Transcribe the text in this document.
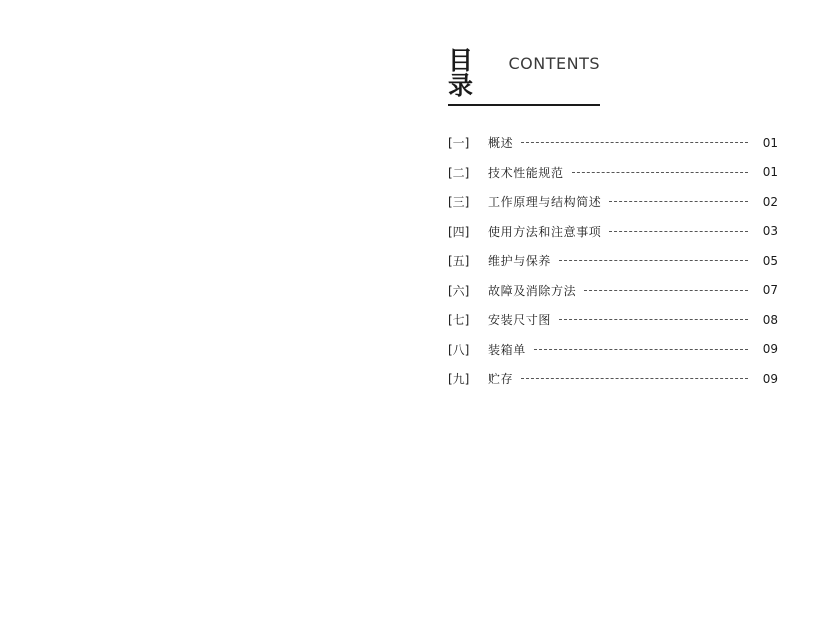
目 录
CONTENTS
[一]	概述	01
[二]	技术性能规范	01
[三]	工作原理与结构简述	02
[四]	使用方法和注意事项	03
[五]	维护与保养	05
[六]	故障及消除方法	07
[七]	安装尺寸图	08
[八]	装箱单	09
[九]	贮存	09
